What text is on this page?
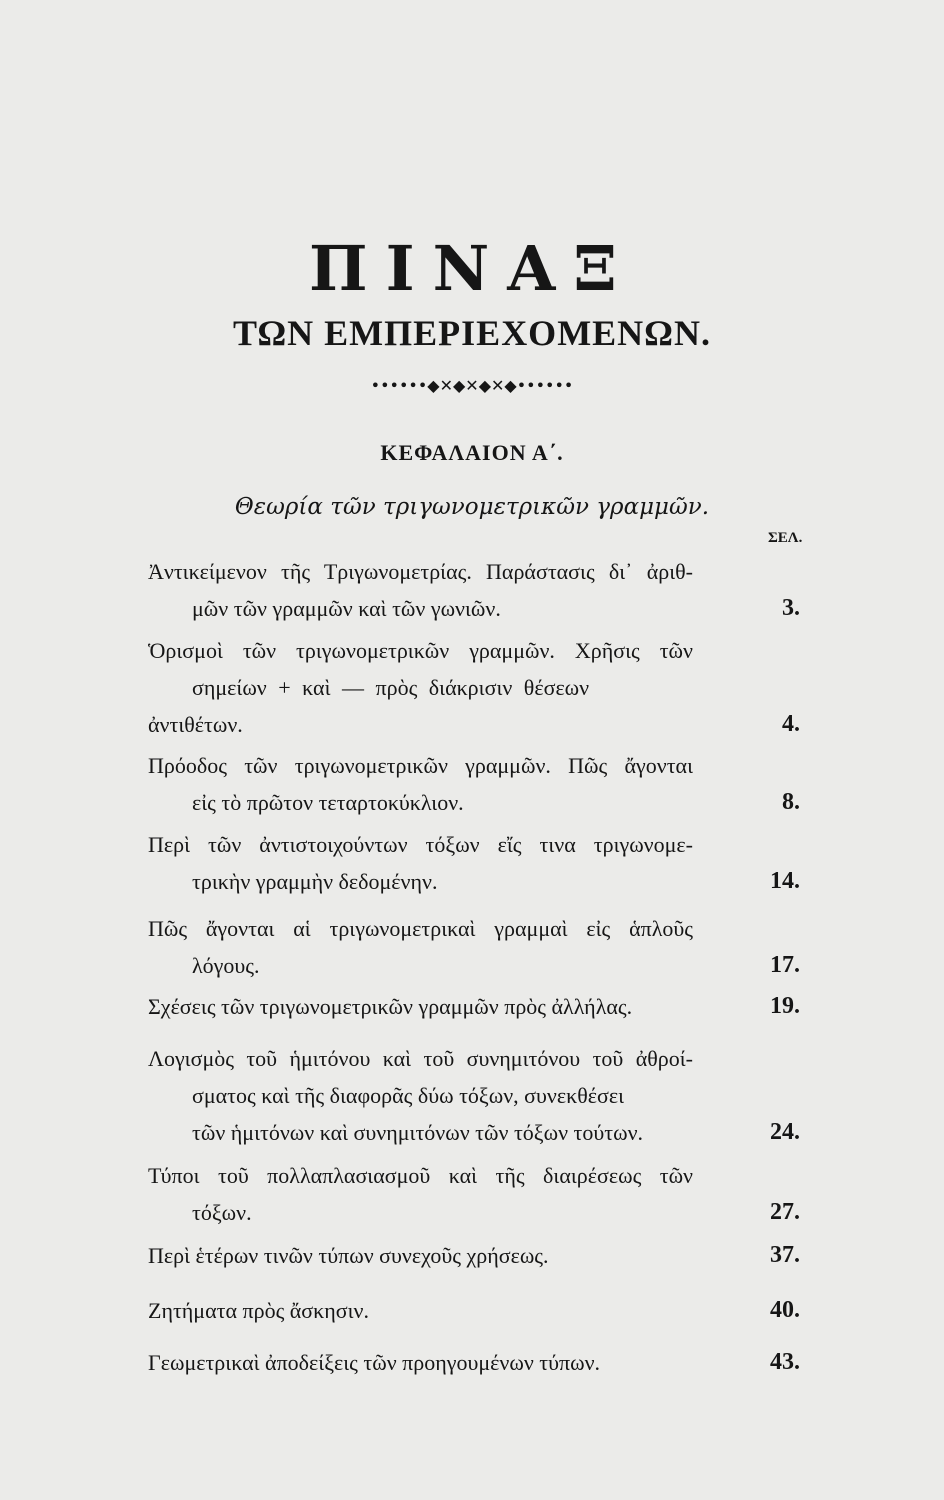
ΠΙΝΑΞ
ΤΩΝ ΕΜΠΕΡΙΕΧΟΜΕΝΩΝ.
••••••◆✕◆✕◆✕◆••••••
ΚΕΦΑΛΑΙΟΝ Α΄.
Θεωρία τῶν τριγωνομετρικῶν γραμμῶν.
ΣΕΛ.
Ἀντικείμενον τῆς Τριγωνομετρίας. Παράστασις δι᾽ ἀριθ-
μῶν τῶν γραμμῶν καὶ τῶν γωνιῶν.	3.
Ὁρισμοὶ τῶν τριγωνομετρικῶν γραμμῶν. Χρῆσις τῶν
σημείων + καὶ — πρὸς διάκρισιν θέσεων
ἀντιθέτων.	4.
Πρόοδος τῶν τριγωνομετρικῶν γραμμῶν. Πῶς ἄγονται
εἰς τὸ πρῶτον τεταρτοκύκλιον.	8.
Περὶ τῶν ἀντιστοιχούντων τόξων εἴς τινα τριγωνομε-
τρικὴν γραμμὴν δεδομένην.	14.
Πῶς ἄγονται αἱ τριγωνομετρικαὶ γραμμαὶ εἰς ἁπλοῦς
λόγους.	17.
Σχέσεις τῶν τριγωνομετρικῶν γραμμῶν πρὸς ἀλλήλας.	19.
Λογισμὸς τοῦ ἡμιτόνου καὶ τοῦ συνημιτόνου τοῦ ἀθροί-
σματος καὶ τῆς διαφορᾶς δύω τόξων, συνεκθέσει
τῶν ἡμιτόνων καὶ συνημιτόνων τῶν τόξων τούτων.	24.
Τύποι τοῦ πολλαπλασιασμοῦ καὶ τῆς διαιρέσεως τῶν
τόξων.	27.
Περὶ ἑτέρων τινῶν τύπων συνεχοῦς χρήσεως.	37.
Ζητήματα πρὸς ἄσκησιν.	40.
Γεωμετρικαὶ ἀποδείξεις τῶν προηγουμένων τύπων.	43.
